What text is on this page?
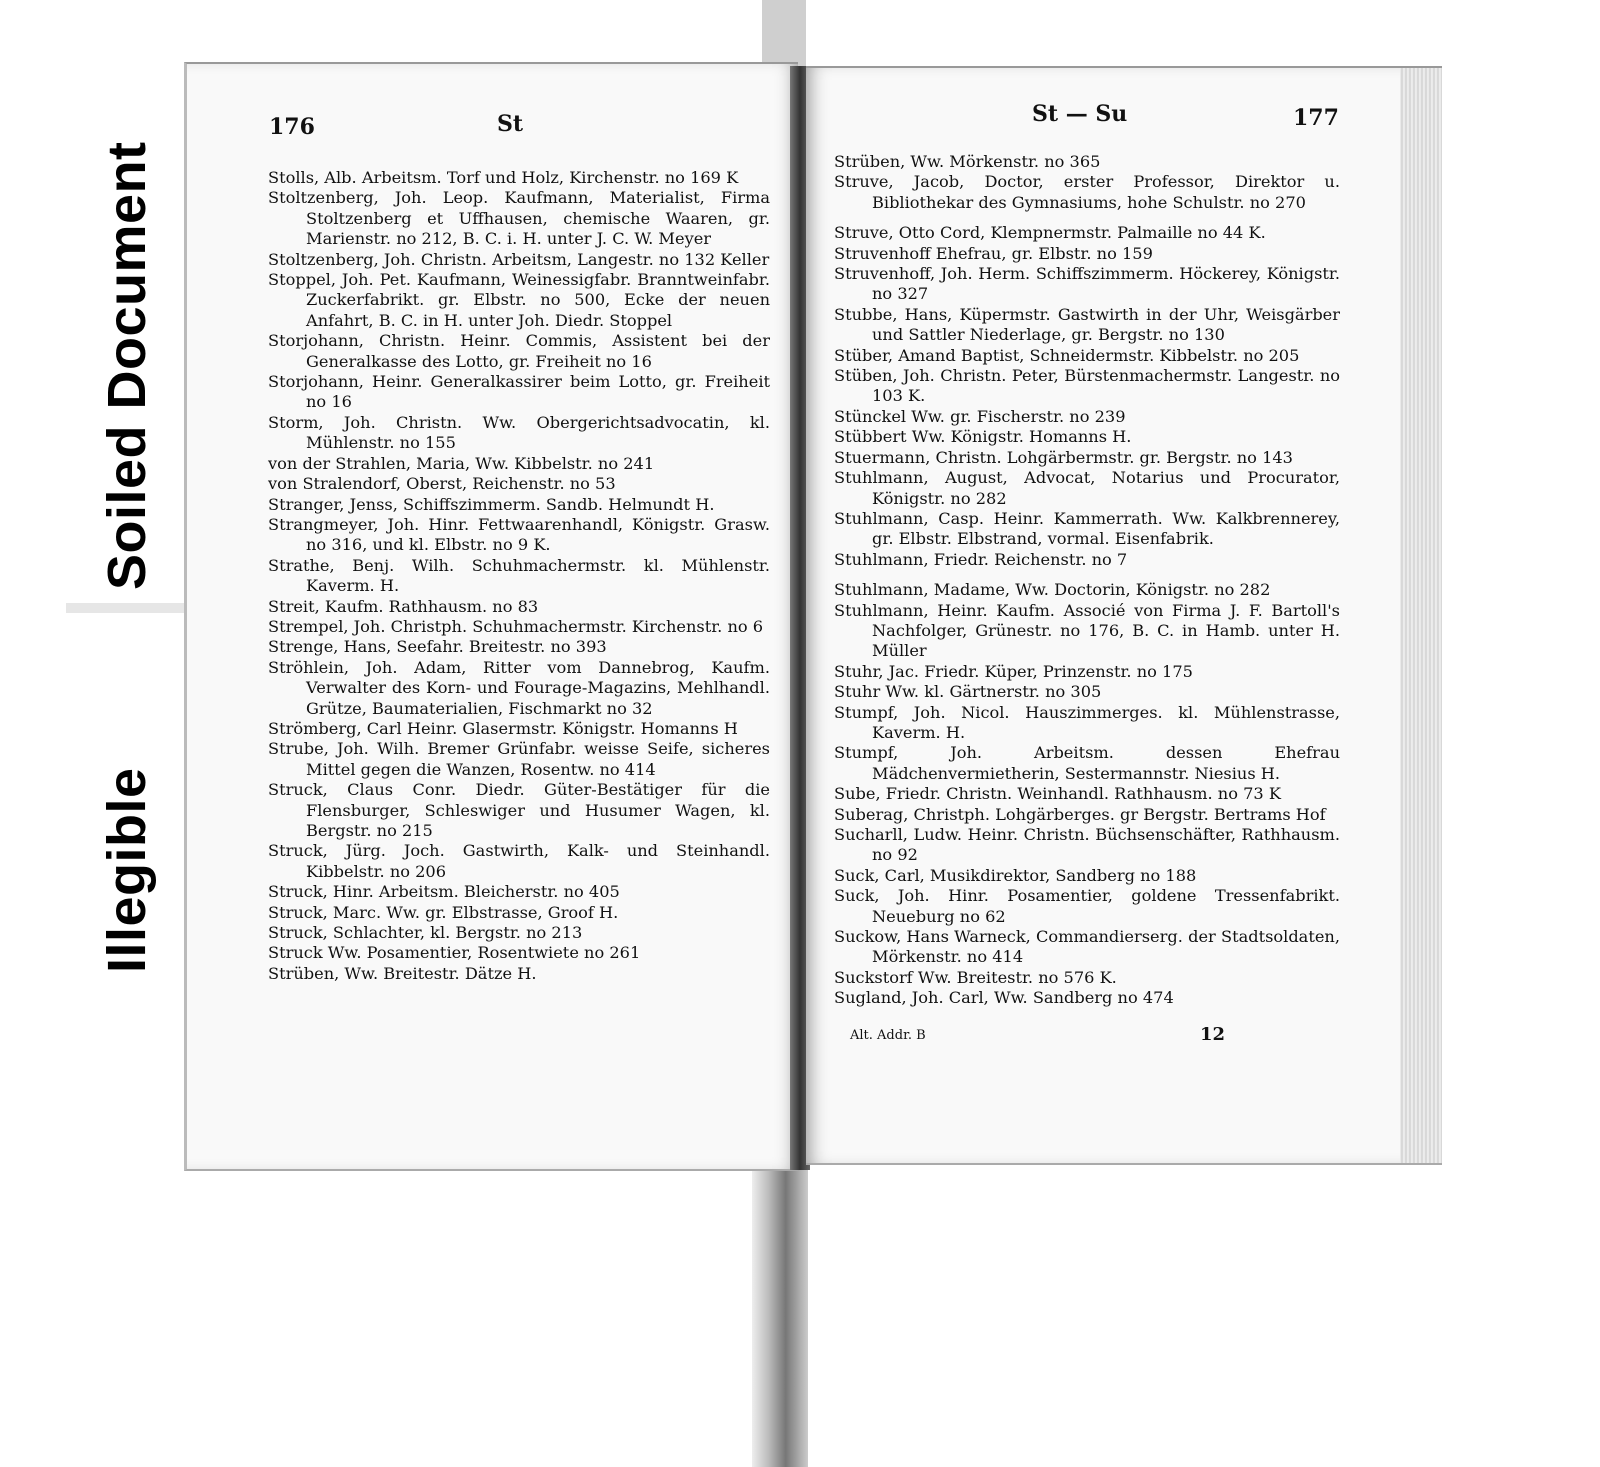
Illegible
Soiled Document
176	St
Stolls, Alb. Arbeitsm. Torf und Holz, Kirchenstr. no 169 K
Stoltzenberg, Joh. Leop. Kaufmann, Materialist, Firma Stoltzenberg et Uffhausen, chemische Waaren, gr. Marienstr. no 212, B. C. i. H. unter J. C. W. Meyer
Stoltzenberg, Joh. Christn. Arbeitsm, Langestr. no 132 Keller
Stoppel, Joh. Pet. Kaufmann, Weinessigfabr. Branntweinfabr. Zuckerfabrikt. gr. Elbstr. no 500, Ecke der neuen Anfahrt, B. C. in H. unter Joh. Diedr. Stoppel
Storjohann, Christn. Heinr. Commis, Assistent bei der Generalkasse des Lotto, gr. Freiheit no 16
Storjohann, Heinr. Generalkassirer beim Lotto, gr. Freiheit no 16
Storm, Joh. Christn. Ww. Obergerichtsadvocatin, kl. Mühlenstr. no 155
von der Strahlen, Maria, Ww. Kibbelstr. no 241
von Stralendorf, Oberst, Reichenstr. no 53
Stranger, Jenss, Schiffszimmerm. Sandb. Helmundt H.
Strangmeyer, Joh. Hinr. Fettwaarenhandl, Königstr. Grasw. no 316, und kl. Elbstr. no 9 K.
Strathe, Benj. Wilh. Schuhmachermstr. kl. Mühlenstr. Kaverm. H.
Streit, Kaufm. Rathhausm. no 83
Strempel, Joh. Christph. Schuhmachermstr. Kirchenstr. no 6
Strenge, Hans, Seefahr. Breitestr. no 393
Ströhlein, Joh. Adam, Ritter vom Dannebrog, Kaufm. Verwalter des Korn- und Fourage-Magazins, Mehlhandl. Grütze, Baumaterialien, Fischmarkt no 32
Strömberg, Carl Heinr. Glasermstr. Königstr. Homanns H
Strube, Joh. Wilh. Bremer Grünfabr. weisse Seife, sicheres Mittel gegen die Wanzen, Rosentw. no 414
Struck, Claus Conr. Diedr. Güter-Bestätiger für die Flensburger, Schleswiger und Husumer Wagen, kl. Bergstr. no 215
Struck, Jürg. Joch. Gastwirth, Kalk- und Steinhandl. Kibbelstr. no 206
Struck, Hinr. Arbeitsm. Bleicherstr. no 405
Struck, Marc. Ww. gr. Elbstrasse, Groof H.
Struck, Schlachter, kl. Bergstr. no 213
Struck Ww. Posamentier, Rosentwiete no 261
Strüben, Ww. Breitestr. Dätze H.
St — Su	177
Strüben, Ww. Mörkenstr. no 365
Struve, Jacob, Doctor, erster Professor, Direktor u. Bibliothekar des Gymnasiums, hohe Schulstr. no 270
Struve, Otto Cord, Klempnermstr. Palmaille no 44 K.
Struvenhoff Ehefrau, gr. Elbstr. no 159
Struvenhoff, Joh. Herm. Schiffszimmerm. Höckerey, Königstr. no 327
Stubbe, Hans, Küpermstr. Gastwirth in der Uhr, Weisgärber und Sattler Niederlage, gr. Bergstr. no 130
Stüber, Amand Baptist, Schneidermstr. Kibbelstr. no 205
Stüben, Joh. Christn. Peter, Bürstenmachermstr. Langestr. no 103 K.
Stünckel Ww. gr. Fischerstr. no 239
Stübbert Ww. Königstr. Homanns H.
Stuermann, Christn. Lohgärbermstr. gr. Bergstr. no 143
Stuhlmann, August, Advocat, Notarius und Procurator, Königstr. no 282
Stuhlmann, Casp. Heinr. Kammerrath. Ww. Kalkbrennerey, gr. Elbstr. Elbstrand, vormal. Eisenfabrik.
Stuhlmann, Friedr. Reichenstr. no 7
Stuhlmann, Madame, Ww. Doctorin, Königstr. no 282
Stuhlmann, Heinr. Kaufm. Associé von Firma J. F. Bartoll's Nachfolger, Grünestr. no 176, B. C. in Hamb. unter H. Müller
Stuhr, Jac. Friedr. Küper, Prinzenstr. no 175
Stuhr Ww. kl. Gärtnerstr. no 305
Stumpf, Joh. Nicol. Hauszimmerges. kl. Mühlenstrasse, Kaverm. H.
Stumpf, Joh. Arbeitsm. dessen Ehefrau Mädchenvermietherin, Sestermannstr. Niesius H.
Sube, Friedr. Christn. Weinhandl. Rathhausm. no 73 K
Suberag, Christph. Lohgärberges. gr Bergstr. Bertrams Hof
Sucharll, Ludw. Heinr. Christn. Büchsenschäfter, Rathhausm. no 92
Suck, Carl, Musikdirektor, Sandberg no 188
Suck, Joh. Hinr. Posamentier, goldene Tressenfabrikt. Neueburg no 62
Suckow, Hans Warneck, Commandierserg. der Stadtsoldaten, Mörkenstr. no 414
Suckstorf Ww. Breitestr. no 576 K.
Sugland, Joh. Carl, Ww. Sandberg no 474
Alt. Addr. B	12
